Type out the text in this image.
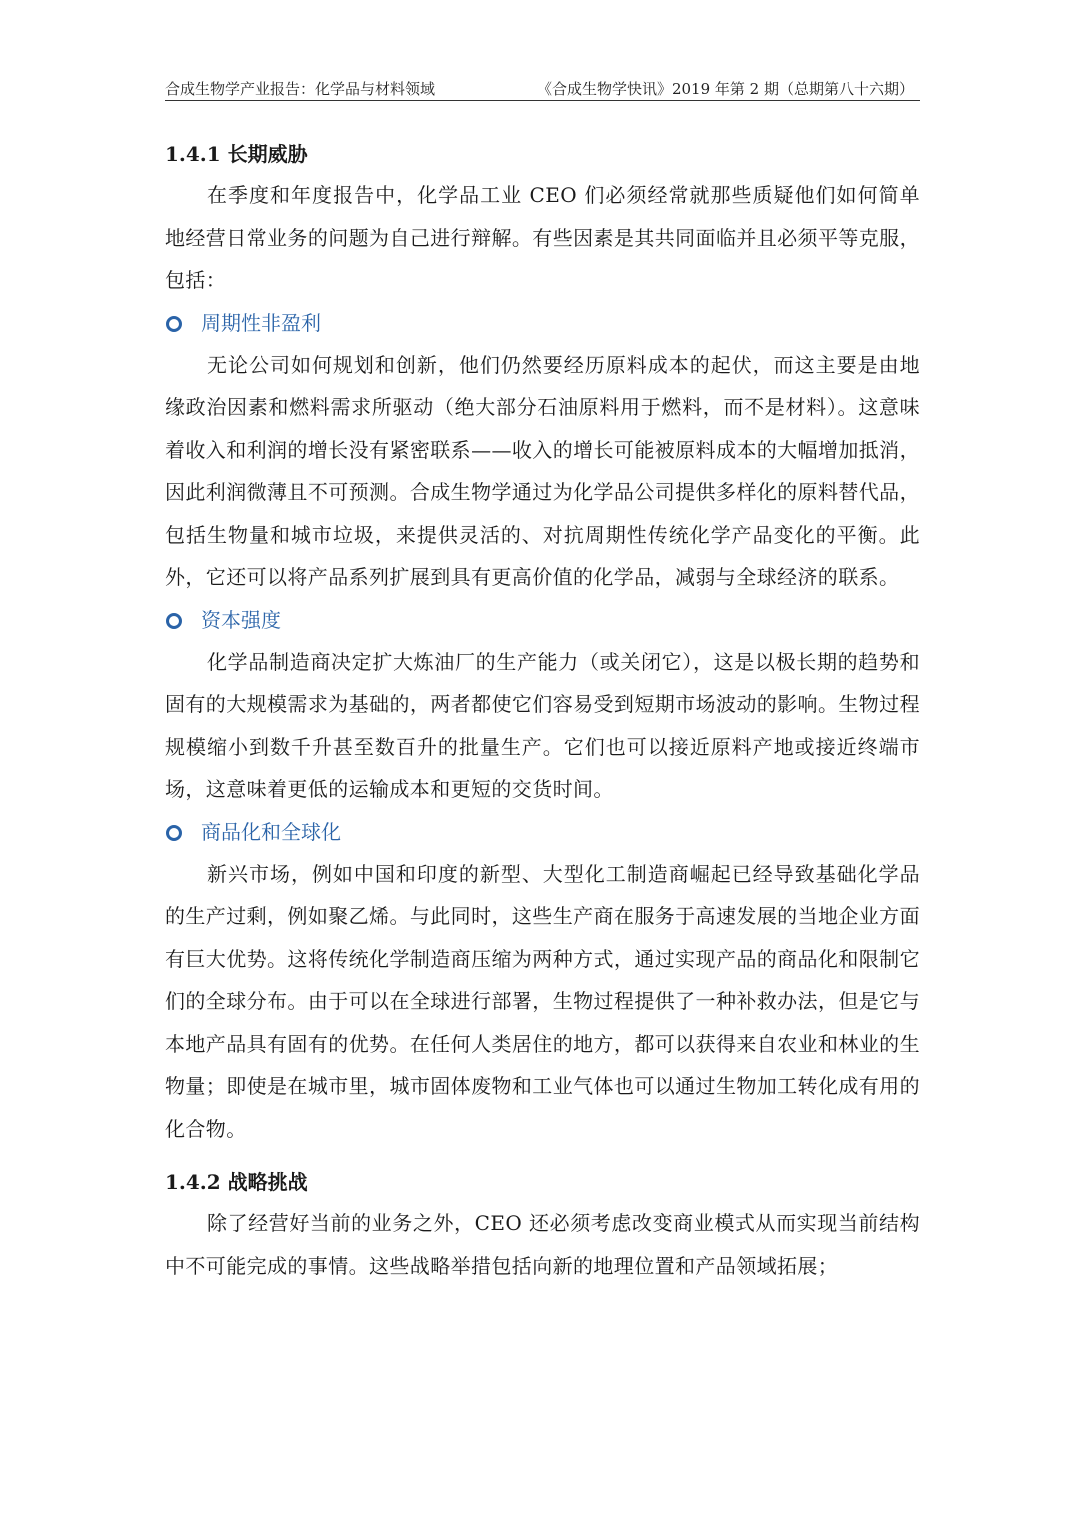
合成生物学产业报告：化学品与材料领域	《合成生物学快讯》2019 年第 2 期（总期第八十六期）
1.4.1 长期威胁

在季度和年度报告中，化学品工业 CEO 们必须经常就那些质疑他们如何简单地经营日常业务的问题为自己进行辩解。有些因素是其共同面临并且必须平等克服，包括：

周期性非盈利

无论公司如何规划和创新，他们仍然要经历原料成本的起伏，而这主要是由地缘政治因素和燃料需求所驱动（绝大部分石油原料用于燃料，而不是材料）。这意味着收入和利润的增长没有紧密联系——收入的增长可能被原料成本的大幅增加抵消，因此利润微薄且不可预测。合成生物学通过为化学品公司提供多样化的原料替代品，包括生物量和城市垃圾，来提供灵活的、对抗周期性传统化学产品变化的平衡。此外，它还可以将产品系列扩展到具有更高价值的化学品，减弱与全球经济的联系。

资本强度

化学品制造商决定扩大炼油厂的生产能力（或关闭它），这是以极长期的趋势和固有的大规模需求为基础的，两者都使它们容易受到短期市场波动的影响。生物过程规模缩小到数千升甚至数百升的批量生产。它们也可以接近原料产地或接近终端市场，这意味着更低的运输成本和更短的交货时间。

商品化和全球化

新兴市场，例如中国和印度的新型、大型化工制造商崛起已经导致基础化学品的生产过剩，例如聚乙烯。与此同时，这些生产商在服务于高速发展的当地企业方面有巨大优势。这将传统化学制造商压缩为两种方式，通过实现产品的商品化和限制它们的全球分布。由于可以在全球进行部署，生物过程提供了一种补救办法，但是它与本地产品具有固有的优势。在任何人类居住的地方，都可以获得来自农业和林业的生物量；即使是在城市里，城市固体废物和工业气体也可以通过生物加工转化成有用的化合物。

1.4.2 战略挑战

除了经营好当前的业务之外，CEO 还必须考虑改变商业模式从而实现当前结构中不可能完成的事情。这些战略举措包括向新的地理位置和产品领域拓展；
